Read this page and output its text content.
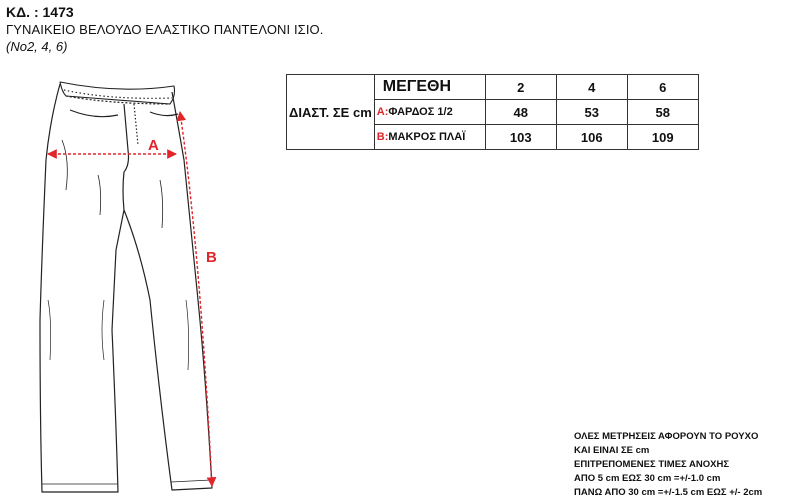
ΚΔ. : 1473
ΓΥΝΑΙΚΕΙΟ ΒΕΛΟΥΔΟ ΕΛΑΣΤΙΚΟ ΠΑΝΤΕΛΟΝΙ ΙΣΙΟ.
(Νο2, 4, 6)
A
B
ΔΙΑΣΤ. ΣΕ cm	ΜΕΓΕΘΗ	2	4	6
	A:ΦΑΡΔΟΣ 1/2	48	53	58
	B:ΜΑΚΡΟΣ ΠΛΑΪ	103	106	109
ΟΛΕΣ ΜΕΤΡΗΣΕΙΣ ΑΦΟΡΟΥΝ ΤΟ ΡΟΥΧΟ
ΚΑΙ ΕΙΝΑΙ ΣΕ cm
ΕΠΙΤΡΕΠΟΜΕΝΕΣ ΤΙΜΕΣ ΑΝΟΧΗΣ
ΑΠΟ 5 cm ΕΩΣ 30 cm =+/-1.0 cm
ΠΑΝΩ ΑΠΟ 30 cm =+/-1.5 cm ΕΩΣ +/- 2cm
